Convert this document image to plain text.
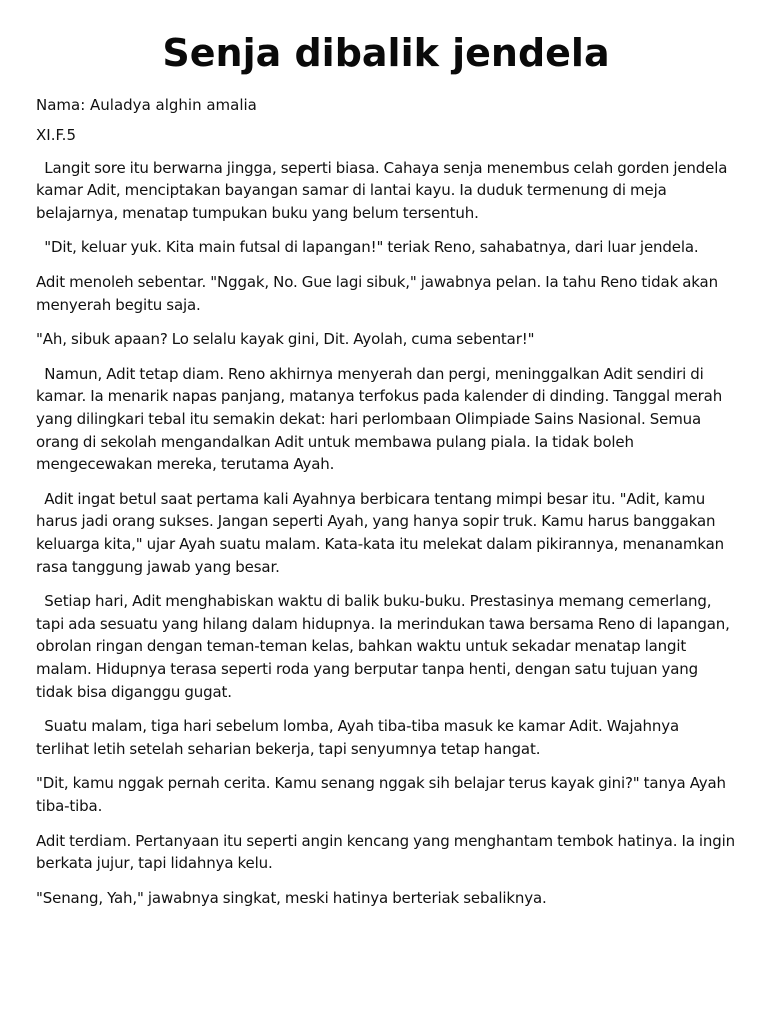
Senja dibalik jendela

Nama: Auladya alghin amalia

XI.F.5

Langit sore itu berwarna jingga, seperti biasa. Cahaya senja menembus celah gorden jendela kamar Adit, menciptakan bayangan samar di lantai kayu. Ia duduk termenung di meja belajarnya, menatap tumpukan buku yang belum tersentuh.

"Dit, keluar yuk. Kita main futsal di lapangan!" teriak Reno, sahabatnya, dari luar jendela.

Adit menoleh sebentar. "Nggak, No. Gue lagi sibuk," jawabnya pelan. Ia tahu Reno tidak akan menyerah begitu saja.

"Ah, sibuk apaan? Lo selalu kayak gini, Dit. Ayolah, cuma sebentar!"

Namun, Adit tetap diam. Reno akhirnya menyerah dan pergi, meninggalkan Adit sendiri di kamar. Ia menarik napas panjang, matanya terfokus pada kalender di dinding. Tanggal merah yang dilingkari tebal itu semakin dekat: hari perlombaan Olimpiade Sains Nasional. Semua orang di sekolah mengandalkan Adit untuk membawa pulang piala. Ia tidak boleh mengecewakan mereka, terutama Ayah.

Adit ingat betul saat pertama kali Ayahnya berbicara tentang mimpi besar itu. "Adit, kamu harus jadi orang sukses. Jangan seperti Ayah, yang hanya sopir truk. Kamu harus banggakan keluarga kita," ujar Ayah suatu malam. Kata-kata itu melekat dalam pikirannya, menanamkan rasa tanggung jawab yang besar.

Setiap hari, Adit menghabiskan waktu di balik buku-buku. Prestasinya memang cemerlang, tapi ada sesuatu yang hilang dalam hidupnya. Ia merindukan tawa bersama Reno di lapangan, obrolan ringan dengan teman-teman kelas, bahkan waktu untuk sekadar menatap langit malam. Hidupnya terasa seperti roda yang berputar tanpa henti, dengan satu tujuan yang tidak bisa diganggu gugat.

Suatu malam, tiga hari sebelum lomba, Ayah tiba-tiba masuk ke kamar Adit. Wajahnya terlihat letih setelah seharian bekerja, tapi senyumnya tetap hangat.

"Dit, kamu nggak pernah cerita. Kamu senang nggak sih belajar terus kayak gini?" tanya Ayah tiba-tiba.

Adit terdiam. Pertanyaan itu seperti angin kencang yang menghantam tembok hatinya. Ia ingin berkata jujur, tapi lidahnya kelu.

"Senang, Yah," jawabnya singkat, meski hatinya berteriak sebaliknya.
